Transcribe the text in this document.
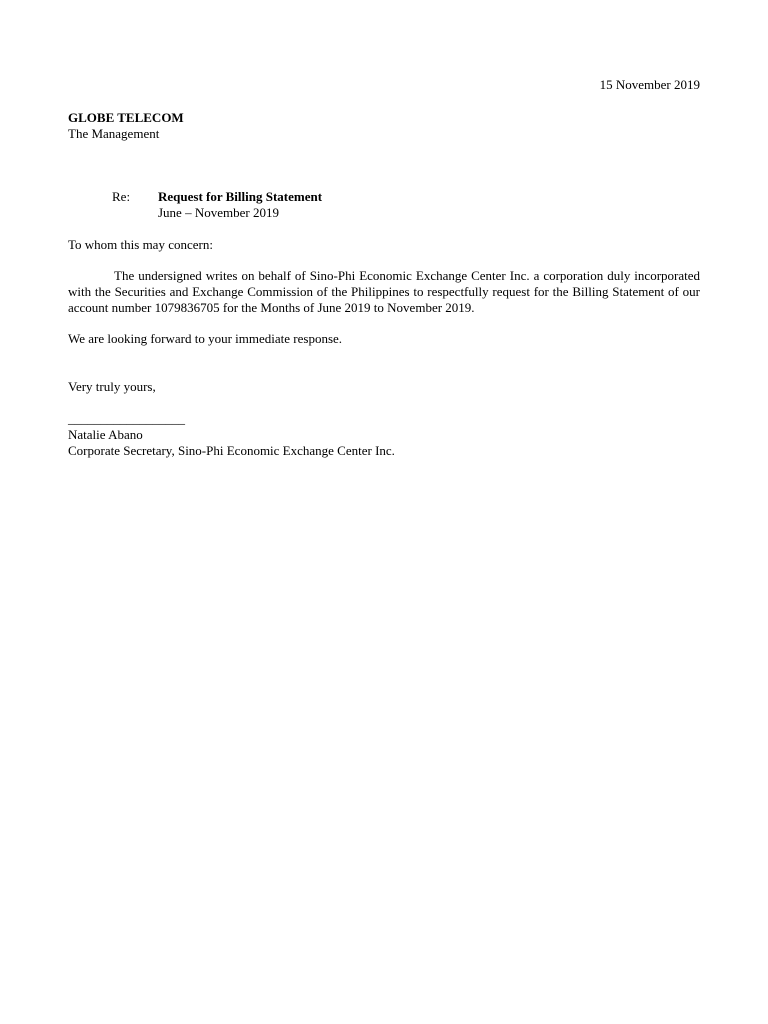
15 November 2019
GLOBE TELECOM
The Management
Re: Request for Billing Statement
June – November 2019
To whom this may concern:
The undersigned writes on behalf of Sino-Phi Economic Exchange Center Inc. a corporation duly incorporated with the Securities and Exchange Commission of the Philippines to respectfully request for the Billing Statement of our account number 1079836705 for the Months of June 2019 to November 2019.
We are looking forward to your immediate response.
Very truly yours,
__________________
Natalie Abano
Corporate Secretary, Sino-Phi Economic Exchange Center Inc.
